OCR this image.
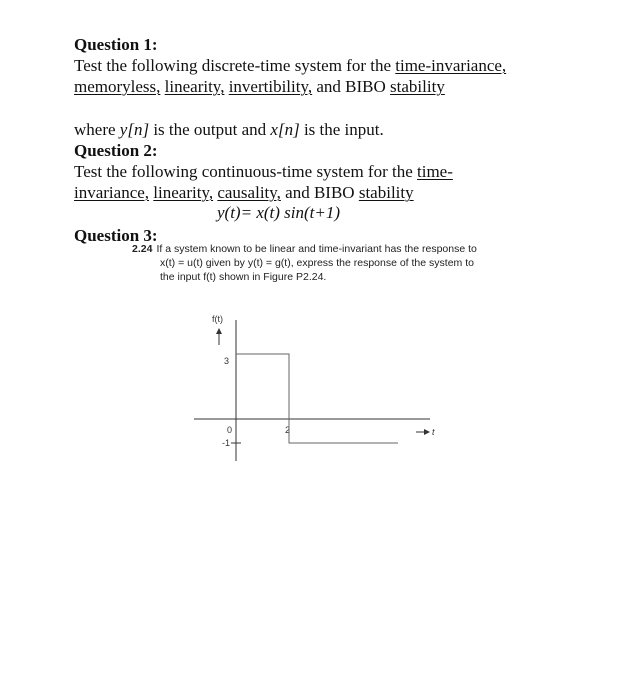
Question 1:
Test the following discrete-time system for the time-invariance,
memoryless, linearity, invertibility, and BIBO stability
where y[n] is the output and x[n] is the input.
Question 2:
Test the following continuous-time system for the time-
invariance, linearity, causality, and BIBO stability
y(t)= x(t) sin(t+1)
Question 3:
2.24 If a system known to be linear and time-invariant has the response to
x(t) = u(t) given by y(t) = g(t), express the response of the system to
the input f(t) shown in Figure P2.24.
f(t)
t
3
0
-1
2
